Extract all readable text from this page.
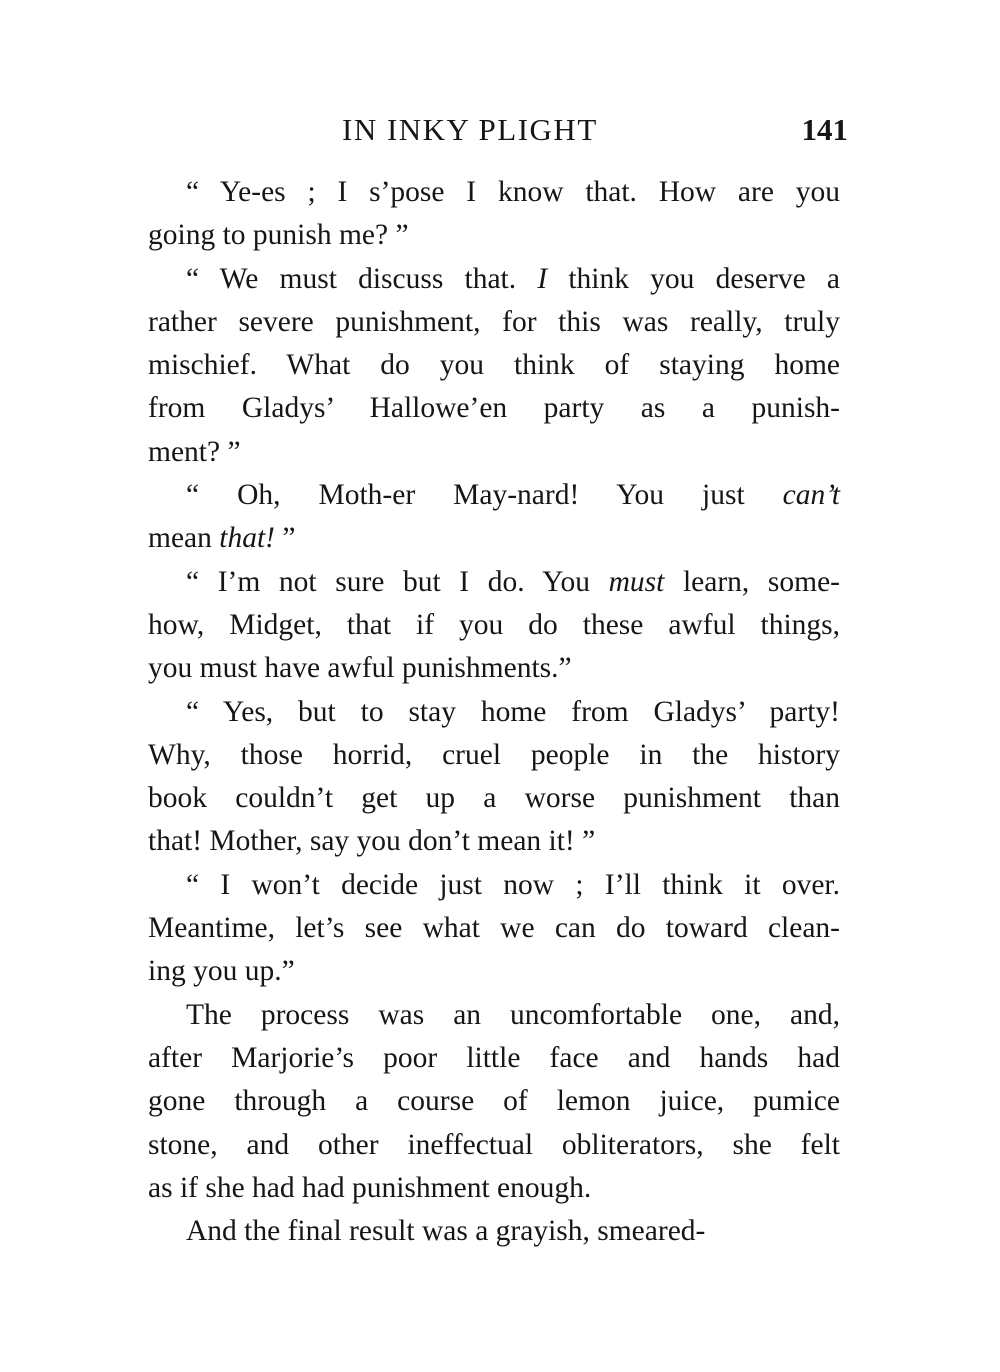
IN INKY PLIGHT	141
“ Ye-es ; I s’pose I know that. How are you
going to punish me? ”
“ We must discuss that. I think you deserve a
rather severe punishment, for this was really, truly
mischief. What do you think of staying home
from Gladys’ Hallowe’en party as a punish-
ment? ”
“ Oh, Moth-er May-nard! You just can’t
mean that! ”
“ I’m not sure but I do. You must learn, some-
how, Midget, that if you do these awful things,
you must have awful punishments.”
“ Yes, but to stay home from Gladys’ party!
Why, those horrid, cruel people in the history
book couldn’t get up a worse punishment than
that! Mother, say you don’t mean it! ”
“ I won’t decide just now ; I’ll think it over.
Meantime, let’s see what we can do toward clean-
ing you up.”
The process was an uncomfortable one, and,
after Marjorie’s poor little face and hands had
gone through a course of lemon juice, pumice
stone, and other ineffectual obliterators, she felt
as if she had had punishment enough.
And the final result was a grayish, smeared-
